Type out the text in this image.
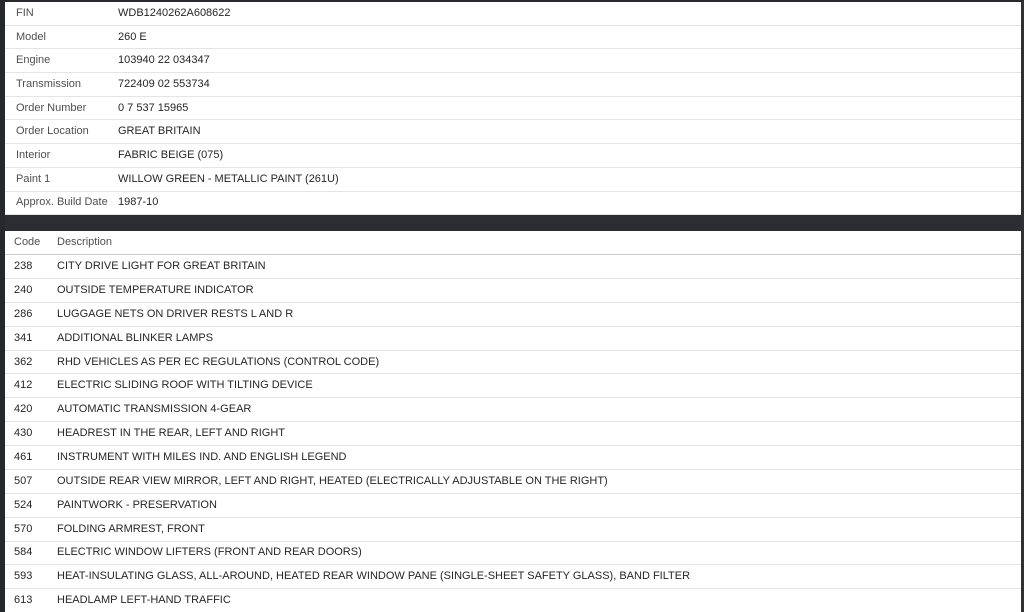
FIN	WDB1240262A608622
Model	260 E
Engine	103940 22 034347
Transmission	722409 02 553734
Order Number	0 7 537 15965
Order Location	GREAT BRITAIN
Interior	FABRIC BEIGE (075)
Paint 1	WILLOW GREEN - METALLIC PAINT (261U)
Approx. Build Date 1987-10
Code	Description
238	CITY DRIVE LIGHT FOR GREAT BRITAIN
240	OUTSIDE TEMPERATURE INDICATOR
286	LUGGAGE NETS ON DRIVER RESTS L AND R
341	ADDITIONAL BLINKER LAMPS
362	RHD VEHICLES AS PER EC REGULATIONS (CONTROL CODE)
412	ELECTRIC SLIDING ROOF WITH TILTING DEVICE
420	AUTOMATIC TRANSMISSION 4-GEAR
430	HEADREST IN THE REAR, LEFT AND RIGHT
461	INSTRUMENT WITH MILES IND. AND ENGLISH LEGEND
507	OUTSIDE REAR VIEW MIRROR, LEFT AND RIGHT, HEATED (ELECTRICALLY ADJUSTABLE ON THE RIGHT)
524	PAINTWORK - PRESERVATION
570	FOLDING ARMREST, FRONT
584	ELECTRIC WINDOW LIFTERS (FRONT AND REAR DOORS)
593	HEAT-INSULATING GLASS, ALL-AROUND, HEATED REAR WINDOW PANE (SINGLE-SHEET SAFETY GLASS), BAND FILTER
613	HEADLAMP LEFT-HAND TRAFFIC
